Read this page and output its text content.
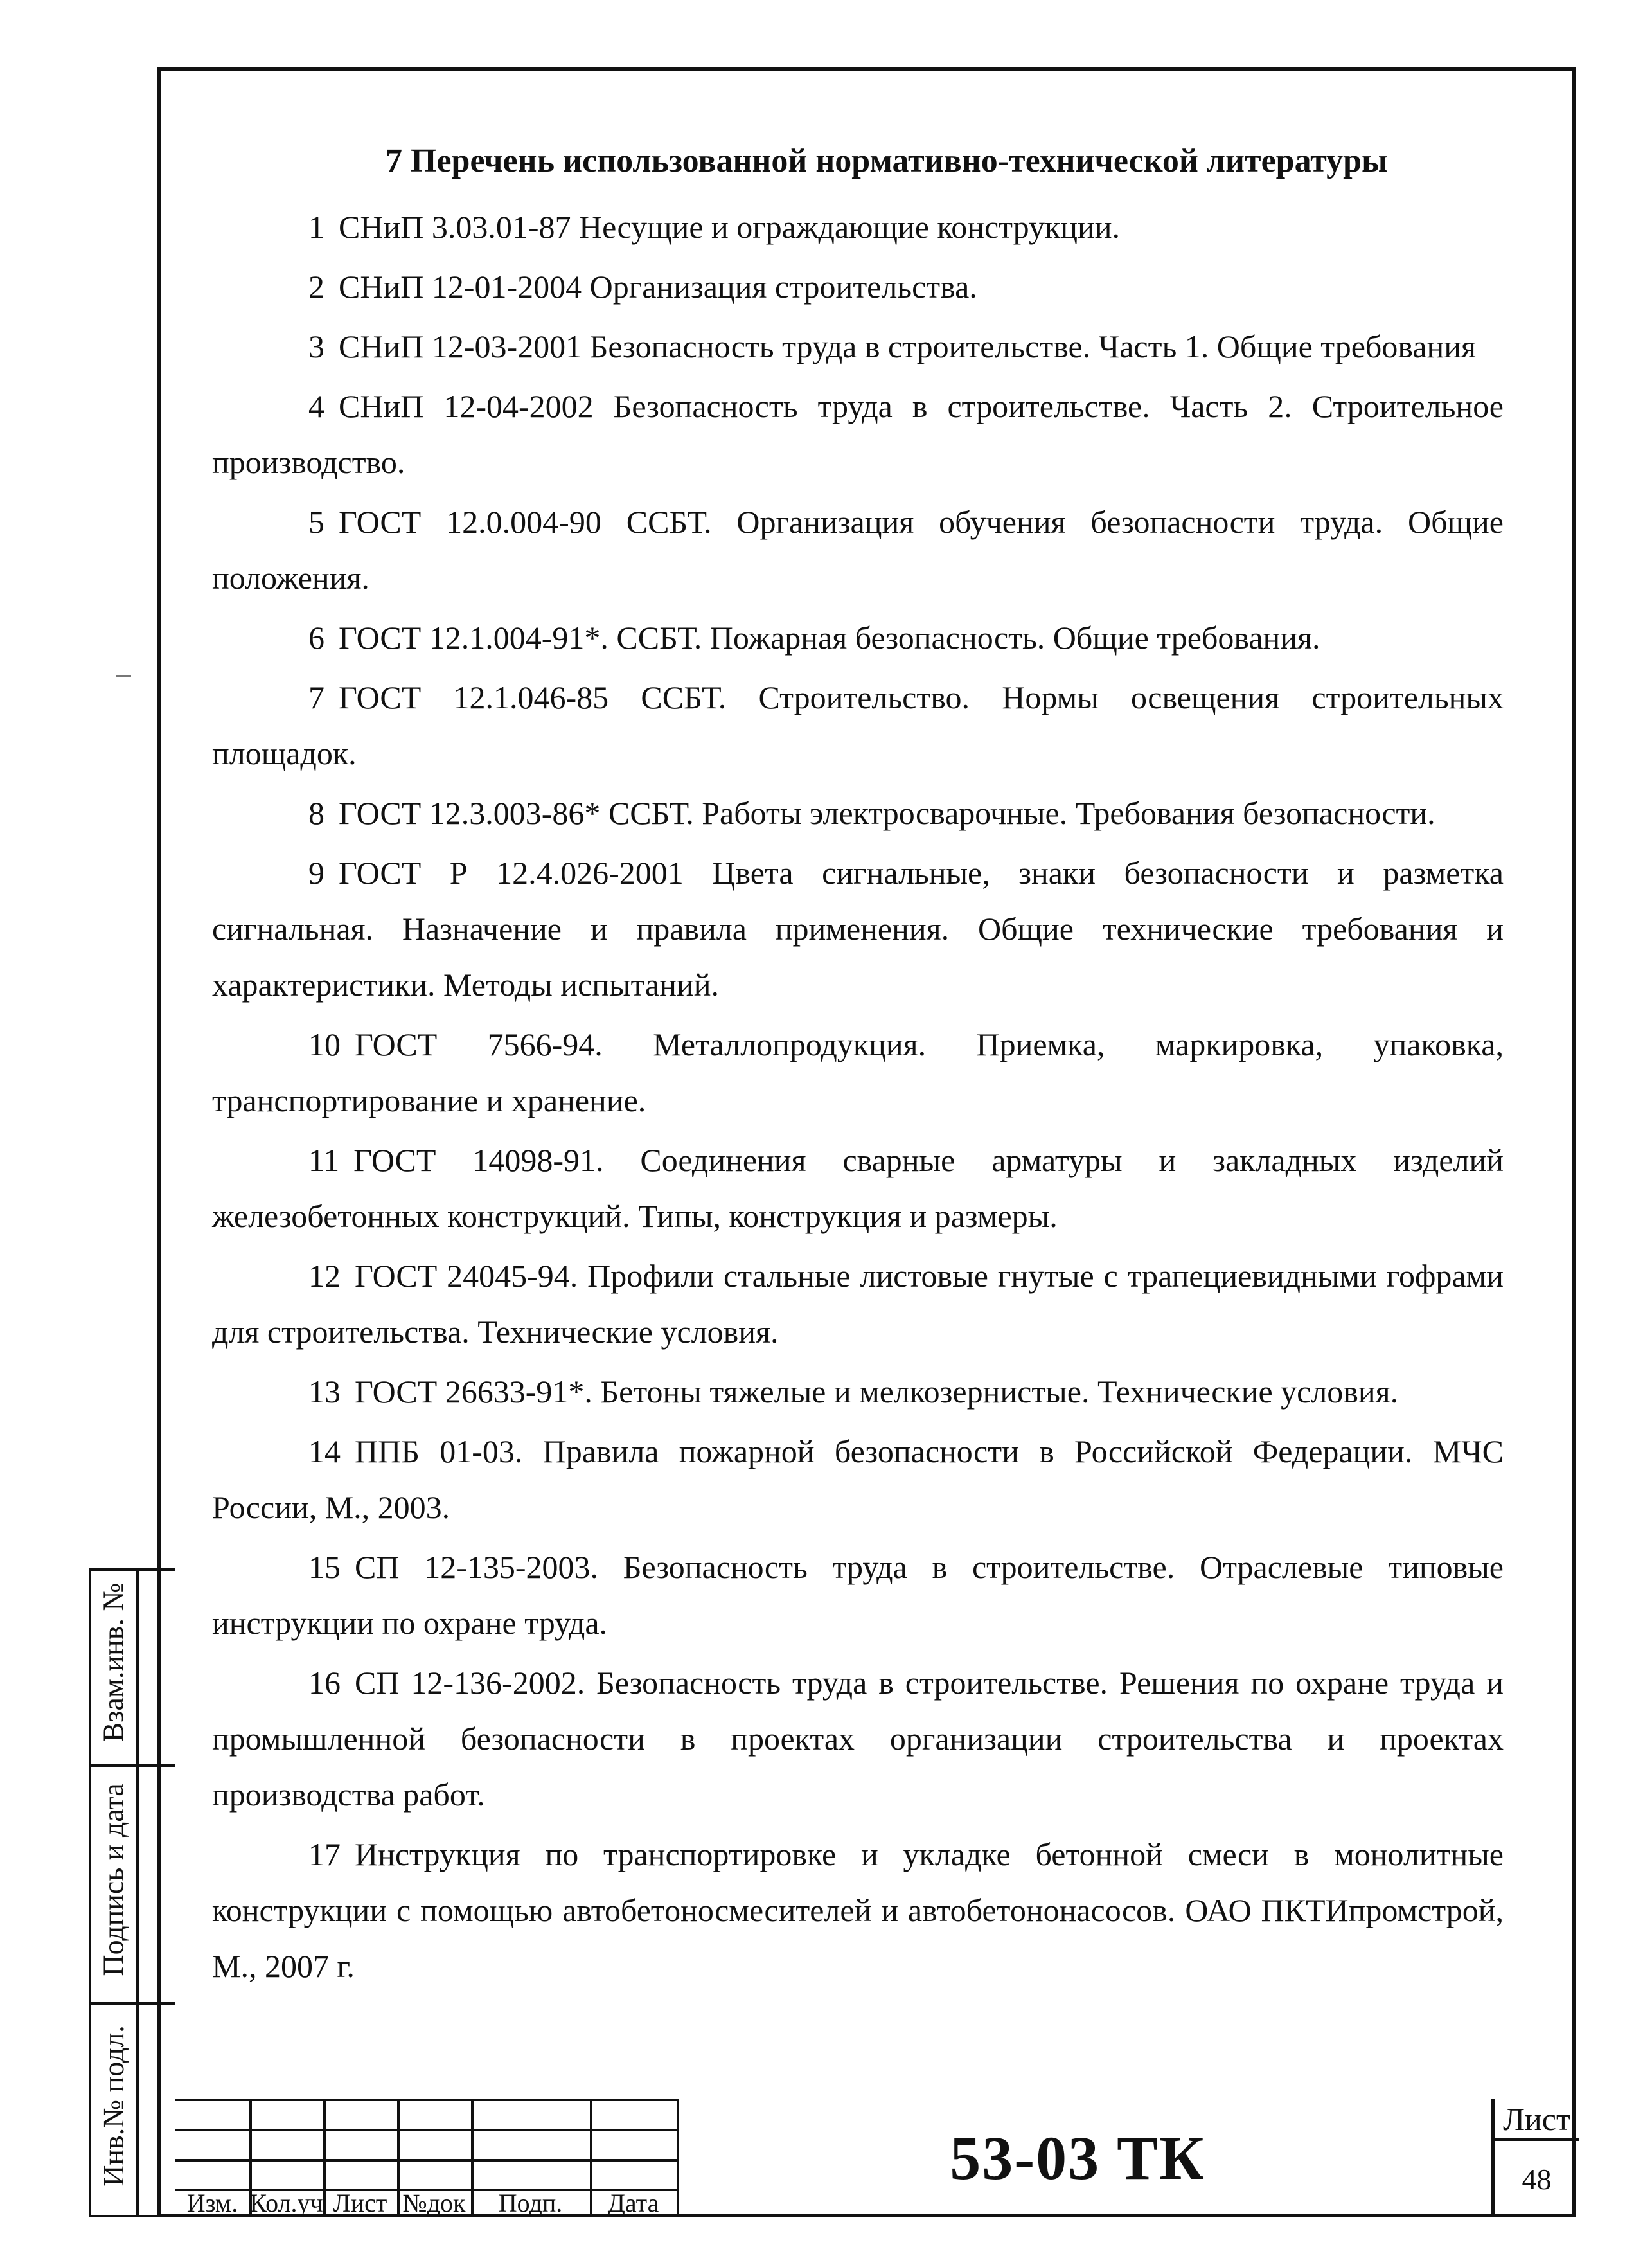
Взам.инв. №
Подпись и дата
Инв.№ подл.
7 Перечень использованной нормативно-технической литературы
1 СНиП 3.03.01-87 Несущие и ограждающие конструкции.
2 СНиП 12-01-2004 Организация строительства.
3 СНиП 12-03-2001 Безопасность труда в строительстве. Часть 1. Общие требования
4 СНиП 12-04-2002 Безопасность труда в строительстве. Часть 2. Строительное производство.
5 ГОСТ 12.0.004-90 ССБТ. Организация обучения безопасности труда. Общие положения.
6 ГОСТ 12.1.004-91*. ССБТ. Пожарная безопасность. Общие требования.
7 ГОСТ 12.1.046-85 ССБТ. Строительство. Нормы освещения строительных площадок.
8 ГОСТ 12.3.003-86* ССБТ. Работы электросварочные. Требования безопасности.
9 ГОСТ Р 12.4.026-2001 Цвета сигнальные, знаки безопасности и разметка сигнальная. Назначение и правила применения. Общие технические требования и характеристики. Методы испытаний.
10 ГОСТ 7566-94. Металлопродукция. Приемка, маркировка, упаковка, транспортирование и хранение.
11 ГОСТ 14098-91. Соединения сварные арматуры и закладных изделий железобетонных конструкций. Типы, конструкция и размеры.
12 ГОСТ 24045-94. Профили стальные листовые гнутые с трапециевидными гофрами для строительства. Технические условия.
13 ГОСТ 26633-91*. Бетоны тяжелые и мелкозернистые. Технические условия.
14 ППБ 01-03. Правила пожарной безопасности в Российской Федерации. МЧС России, М., 2003.
15 СП 12-135-2003. Безопасность труда в строительстве. Отраслевые типовые инструкции по охране труда.
16 СП 12-136-2002. Безопасность труда в строительстве. Решения по охране труда и промышленной безопасности в проектах организации строительства и проектах производства работ.
17 Инструкция по транспортировке и укладке бетонной смеси в монолитные конструкции с помощью автобетоносмесителей и автобетононасосов. ОАО ПКТИпромстрой, М., 2007 г.
Изм. Кол.уч Лист №док	Подп.	Дата
53-03 ТК
Лист
48
